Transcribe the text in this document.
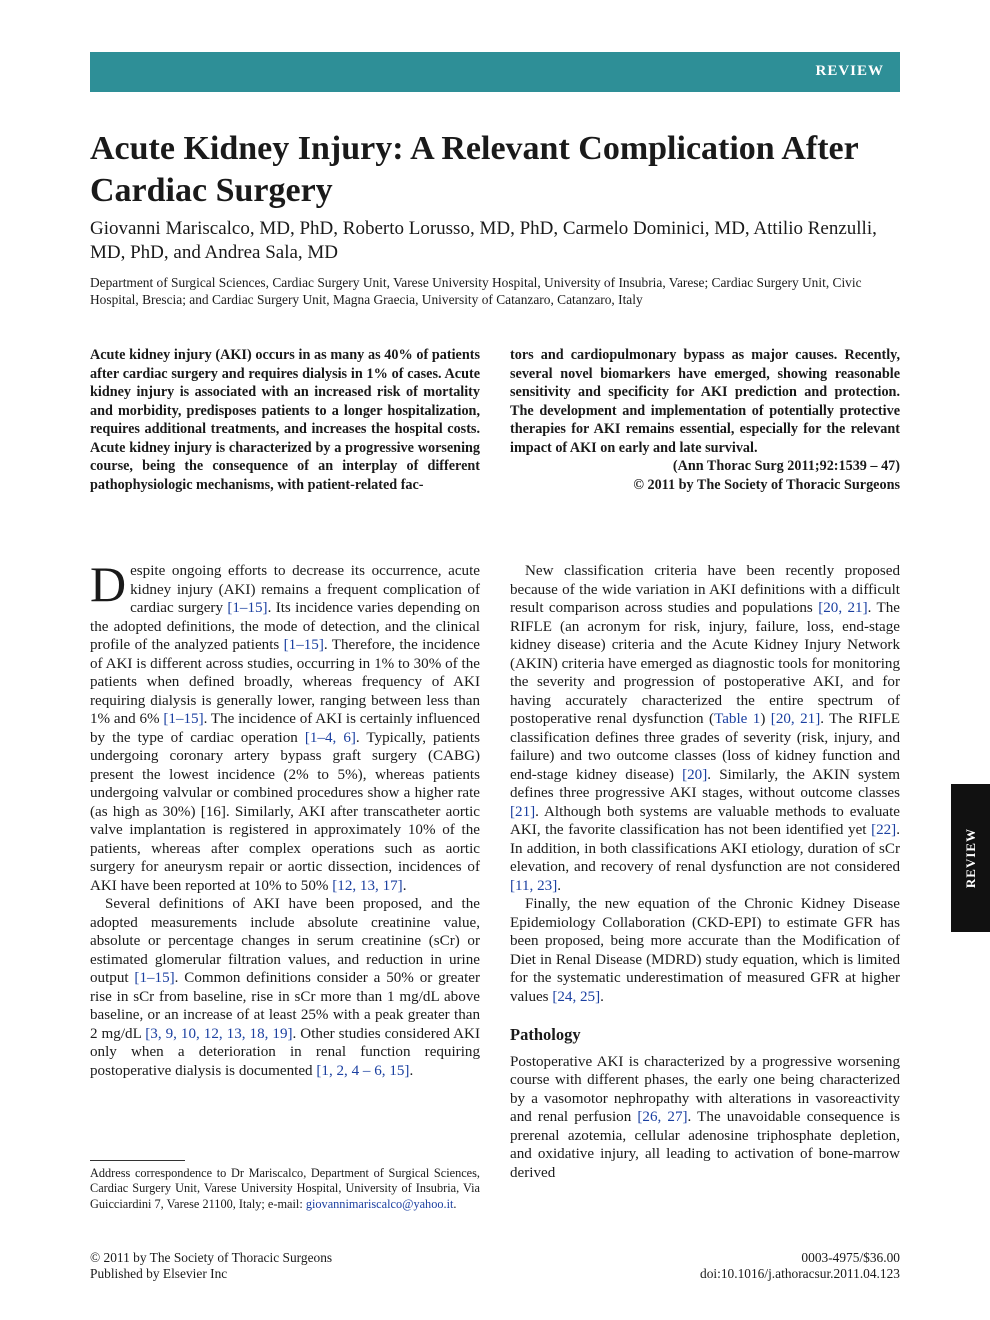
REVIEW
Acute Kidney Injury: A Relevant Complication After Cardiac Surgery
Giovanni Mariscalco, MD, PhD, Roberto Lorusso, MD, PhD, Carmelo Dominici, MD, Attilio Renzulli, MD, PhD, and Andrea Sala, MD
Department of Surgical Sciences, Cardiac Surgery Unit, Varese University Hospital, University of Insubria, Varese; Cardiac Surgery Unit, Civic Hospital, Brescia; and Cardiac Surgery Unit, Magna Graecia, University of Catanzaro, Catanzaro, Italy
Acute kidney injury (AKI) occurs in as many as 40% of patients after cardiac surgery and requires dialysis in 1% of cases. Acute kidney injury is associated with an increased risk of mortality and morbidity, predisposes patients to a longer hospitalization, requires additional treatments, and increases the hospital costs. Acute kidney injury is characterized by a progressive worsening course, being the consequence of an interplay of different pathophysiologic mechanisms, with patient-related fac-
tors and cardiopulmonary bypass as major causes. Recently, several novel biomarkers have emerged, showing reasonable sensitivity and specificity for AKI prediction and protection. The development and implementation of potentially protective therapies for AKI remains essential, especially for the relevant impact of AKI on early and late survival.
(Ann Thorac Surg 2011;92:1539 – 47)
© 2011 by The Society of Thoracic Surgeons

Despite ongoing efforts to decrease its occurrence, acute kidney injury (AKI) remains a frequent complication of cardiac surgery [1–15]. Its incidence varies depending on the adopted definitions, the mode of detection, and the clinical profile of the analyzed patients [1–15]. Therefore, the incidence of AKI is different across studies, occurring in 1% to 30% of the patients when defined broadly, whereas frequency of AKI requiring dialysis is generally lower, ranging between less than 1% and 6% [1–15]. The incidence of AKI is certainly influenced by the type of cardiac operation [1–4, 6]. Typically, patients undergoing coronary artery bypass graft surgery (CABG) present the lowest incidence (2% to 5%), whereas patients undergoing valvular or combined procedures show a higher rate (as high as 30%) [16]. Similarly, AKI after transcatheter aortic valve implantation is registered in approximately 10% of the patients, whereas after complex operations such as aortic surgery for aneurysm repair or aortic dissection, incidences of AKI have been reported at 10% to 50% [12, 13, 17].

Several definitions of AKI have been proposed, and the adopted measurements include absolute creatinine value, absolute or percentage changes in serum creatinine (sCr) or estimated glomerular filtration values, and reduction in urine output [1–15]. Common definitions consider a 50% or greater rise in sCr from baseline, rise in sCr more than 1 mg/dL above baseline, or an increase of at least 25% with a peak greater than 2 mg/dL [3, 9, 10, 12, 13, 18, 19]. Other studies considered AKI only when a deterioration in renal function requiring postoperative dialysis is documented [1, 2, 4 – 6, 15].

New classification criteria have been recently proposed because of the wide variation in AKI definitions with a difficult result comparison across studies and populations [20, 21]. The RIFLE (an acronym for risk, injury, failure, loss, end-stage kidney disease) criteria and the Acute Kidney Injury Network (AKIN) criteria have emerged as diagnostic tools for monitoring the severity and progression of postoperative AKI, and for having accurately characterized the entire spectrum of postoperative renal dysfunction (Table 1) [20, 21]. The RIFLE classification defines three grades of severity (risk, injury, and failure) and two outcome classes (loss of kidney function and end-stage kidney disease) [20]. Similarly, the AKIN system defines three progressive AKI stages, without outcome classes [21]. Although both systems are valuable methods to evaluate AKI, the favorite classification has not been identified yet [22]. In addition, in both classifications AKI etiology, duration of sCr elevation, and recovery of renal dysfunction are not considered [11, 23].

Finally, the new equation of the Chronic Kidney Disease Epidemiology Collaboration (CKD-EPI) to estimate GFR has been proposed, being more accurate than the Modification of Diet in Renal Disease (MDRD) study equation, which is limited for the systematic underestimation of measured GFR at higher values [24, 25].

Pathology

Postoperative AKI is characterized by a progressive worsening course with different phases, the early one being characterized by a vasomotor nephropathy with alterations in vasoreactivity and renal perfusion [26, 27]. The unavoidable consequence is prerenal azotemia, cellular adenosine triphosphate depletion, and oxidative injury, all leading to activation of bone-marrow derived

Address correspondence to Dr Mariscalco, Department of Surgical Sciences, Cardiac Surgery Unit, Varese University Hospital, University of Insubria, Via Guicciardini 7, Varese 21100, Italy; e-mail: giovannimariscalco@yahoo.it.
© 2011 by The Society of Thoracic Surgeons
Published by Elsevier Inc
0003-4975/$36.00
doi:10.1016/j.athoracsur.2011.04.123
REVIEW
